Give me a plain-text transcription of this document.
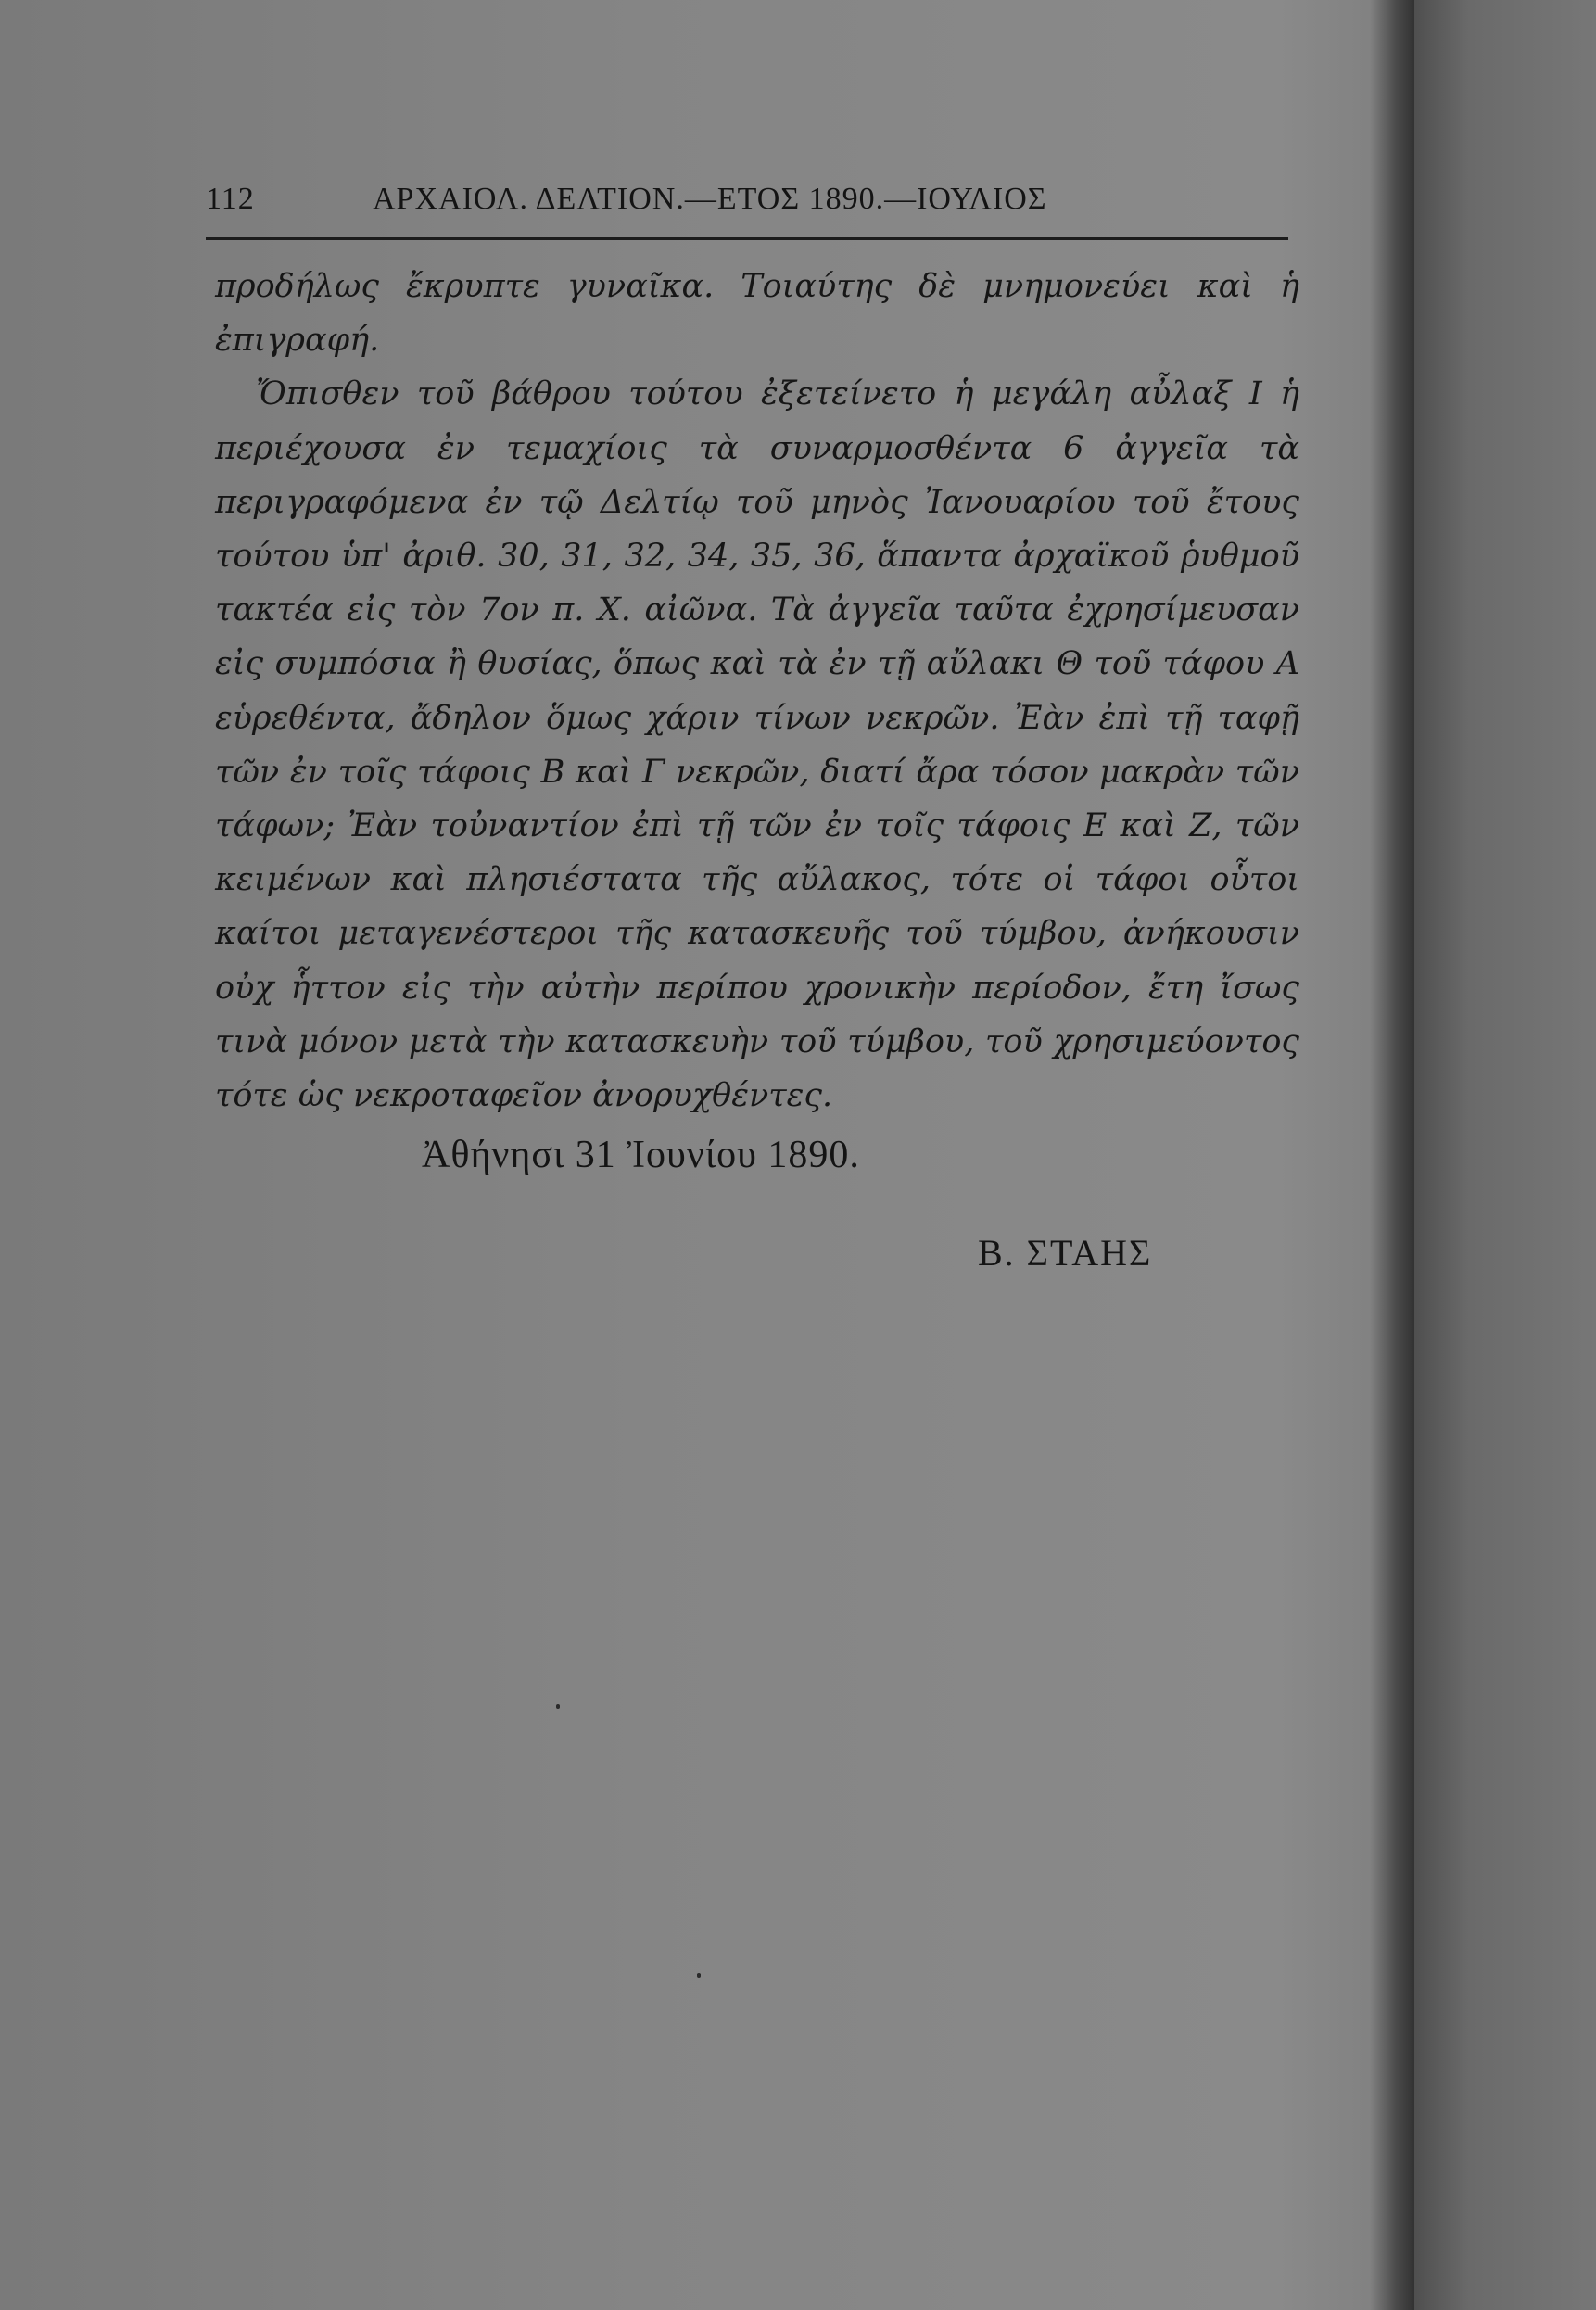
112	ΑΡΧΑΙΟΛ. ΔΕΛΤΙΟΝ.—ΕΤΟΣ 1890.—ΙΟΥΛΙΟΣ

προδήλως ἔκρυπτε γυναῖκα. Τοιαύτης δὲ μνημονεύει καὶ ἡ ἐπιγραφή.

Ὄπισθεν τοῦ βάθρου τούτου ἐξετείνετο ἡ μεγάλη αὖλαξ Ι ἡ περιέχουσα ἐν τεμαχίοις τὰ συναρμοσθέντα 6 ἀγγεῖα τὰ περιγραφόμενα ἐν τῷ Δελτίῳ τοῦ μηνὸς Ἰανουαρίου τοῦ ἔτους τούτου ὑπ' ἀριθ. 30, 31, 32, 34, 35, 36, ἅπαντα ἀρχαϊκοῦ ῥυθμοῦ τακτέα εἰς τὸν 7ον π. Χ. αἰῶνα. Τὰ ἀγγεῖα ταῦτα ἐχρησίμευσαν εἰς συμπόσια ἢ θυσίας, ὅπως καὶ τὰ ἐν τῇ αὔλακι Θ τοῦ τάφου Α εὑρεθέντα, ἄδηλον ὅμως χάριν τίνων νεκρῶν. Ἐὰν ἐπὶ τῇ ταφῇ τῶν ἐν τοῖς τάφοις Β καὶ Γ νεκρῶν, διατί ἄρα τόσον μακρὰν τῶν τάφων; Ἐὰν τοὐναντίον ἐπὶ τῇ τῶν ἐν τοῖς τάφοις Ε καὶ Ζ, τῶν κειμένων καὶ πλησιέστατα τῆς αὔλακος, τότε οἱ τάφοι οὗτοι καίτοι μεταγενέστεροι τῆς κατασκευῆς τοῦ τύμβου, ἀνήκουσιν οὐχ ἧττον εἰς τὴν αὐτὴν περίπου χρονικὴν περίοδον, ἔτη ἴσως τινὰ μόνον μετὰ τὴν κατασκευὴν τοῦ τύμβου, τοῦ χρησιμεύοντος τότε ὡς νεκροταφεῖον ἀνορυχθέντες.

Ἀθήνησι 31 Ἰουνίου 1890.
Β. ΣΤΑΗΣ
